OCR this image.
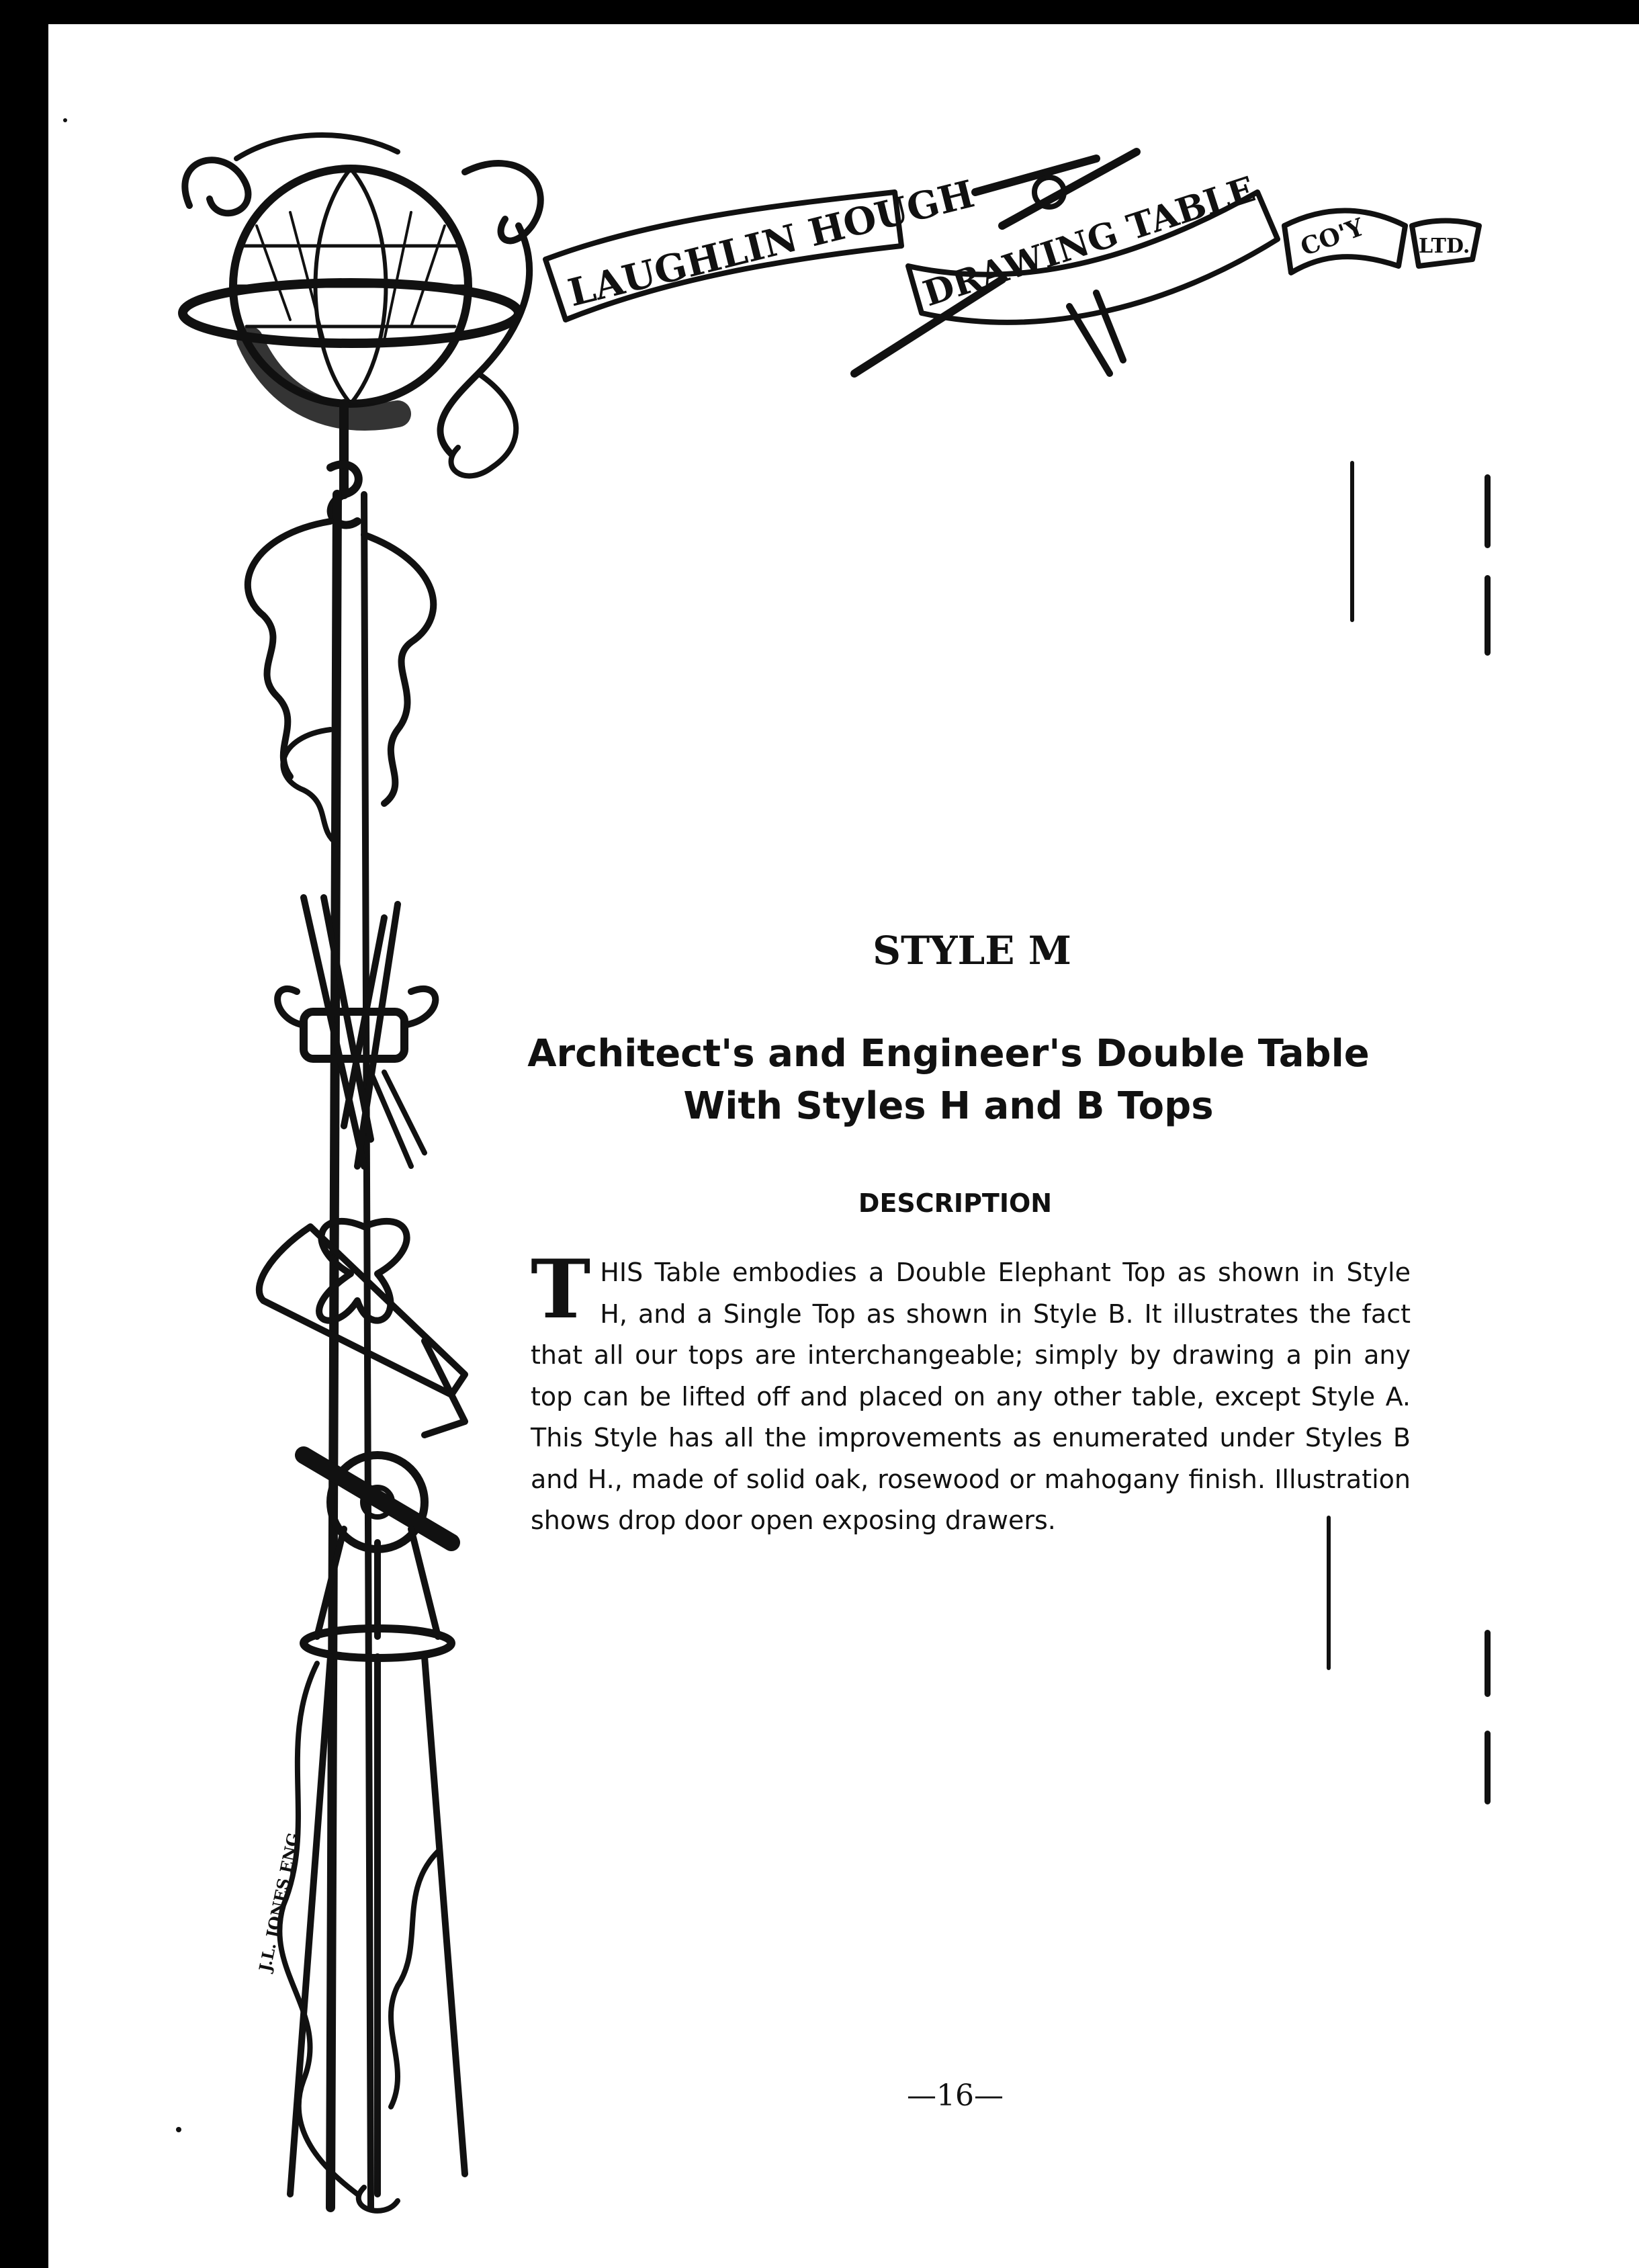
LAUGHLIN HOUGH
DRAWING TABLE CO'Y	LTD.
J.L. JONES ENG.
STYLE M
Architect's and Engineer's Double Table
With Styles H and B Tops
DESCRIPTION
THIS Table embodies a Double Elephant Top as shown in Style H, and a Single Top as shown in Style B. It illustrates the fact that all our tops are interchangeable; simply by drawing a pin any top can be lifted off and placed on any other table, except Style A. This Style has all the improvements as enumerated under Styles B and H., made of solid oak, rosewood or mahogany finish. Illustration shows drop door open exposing drawers.
—16—
